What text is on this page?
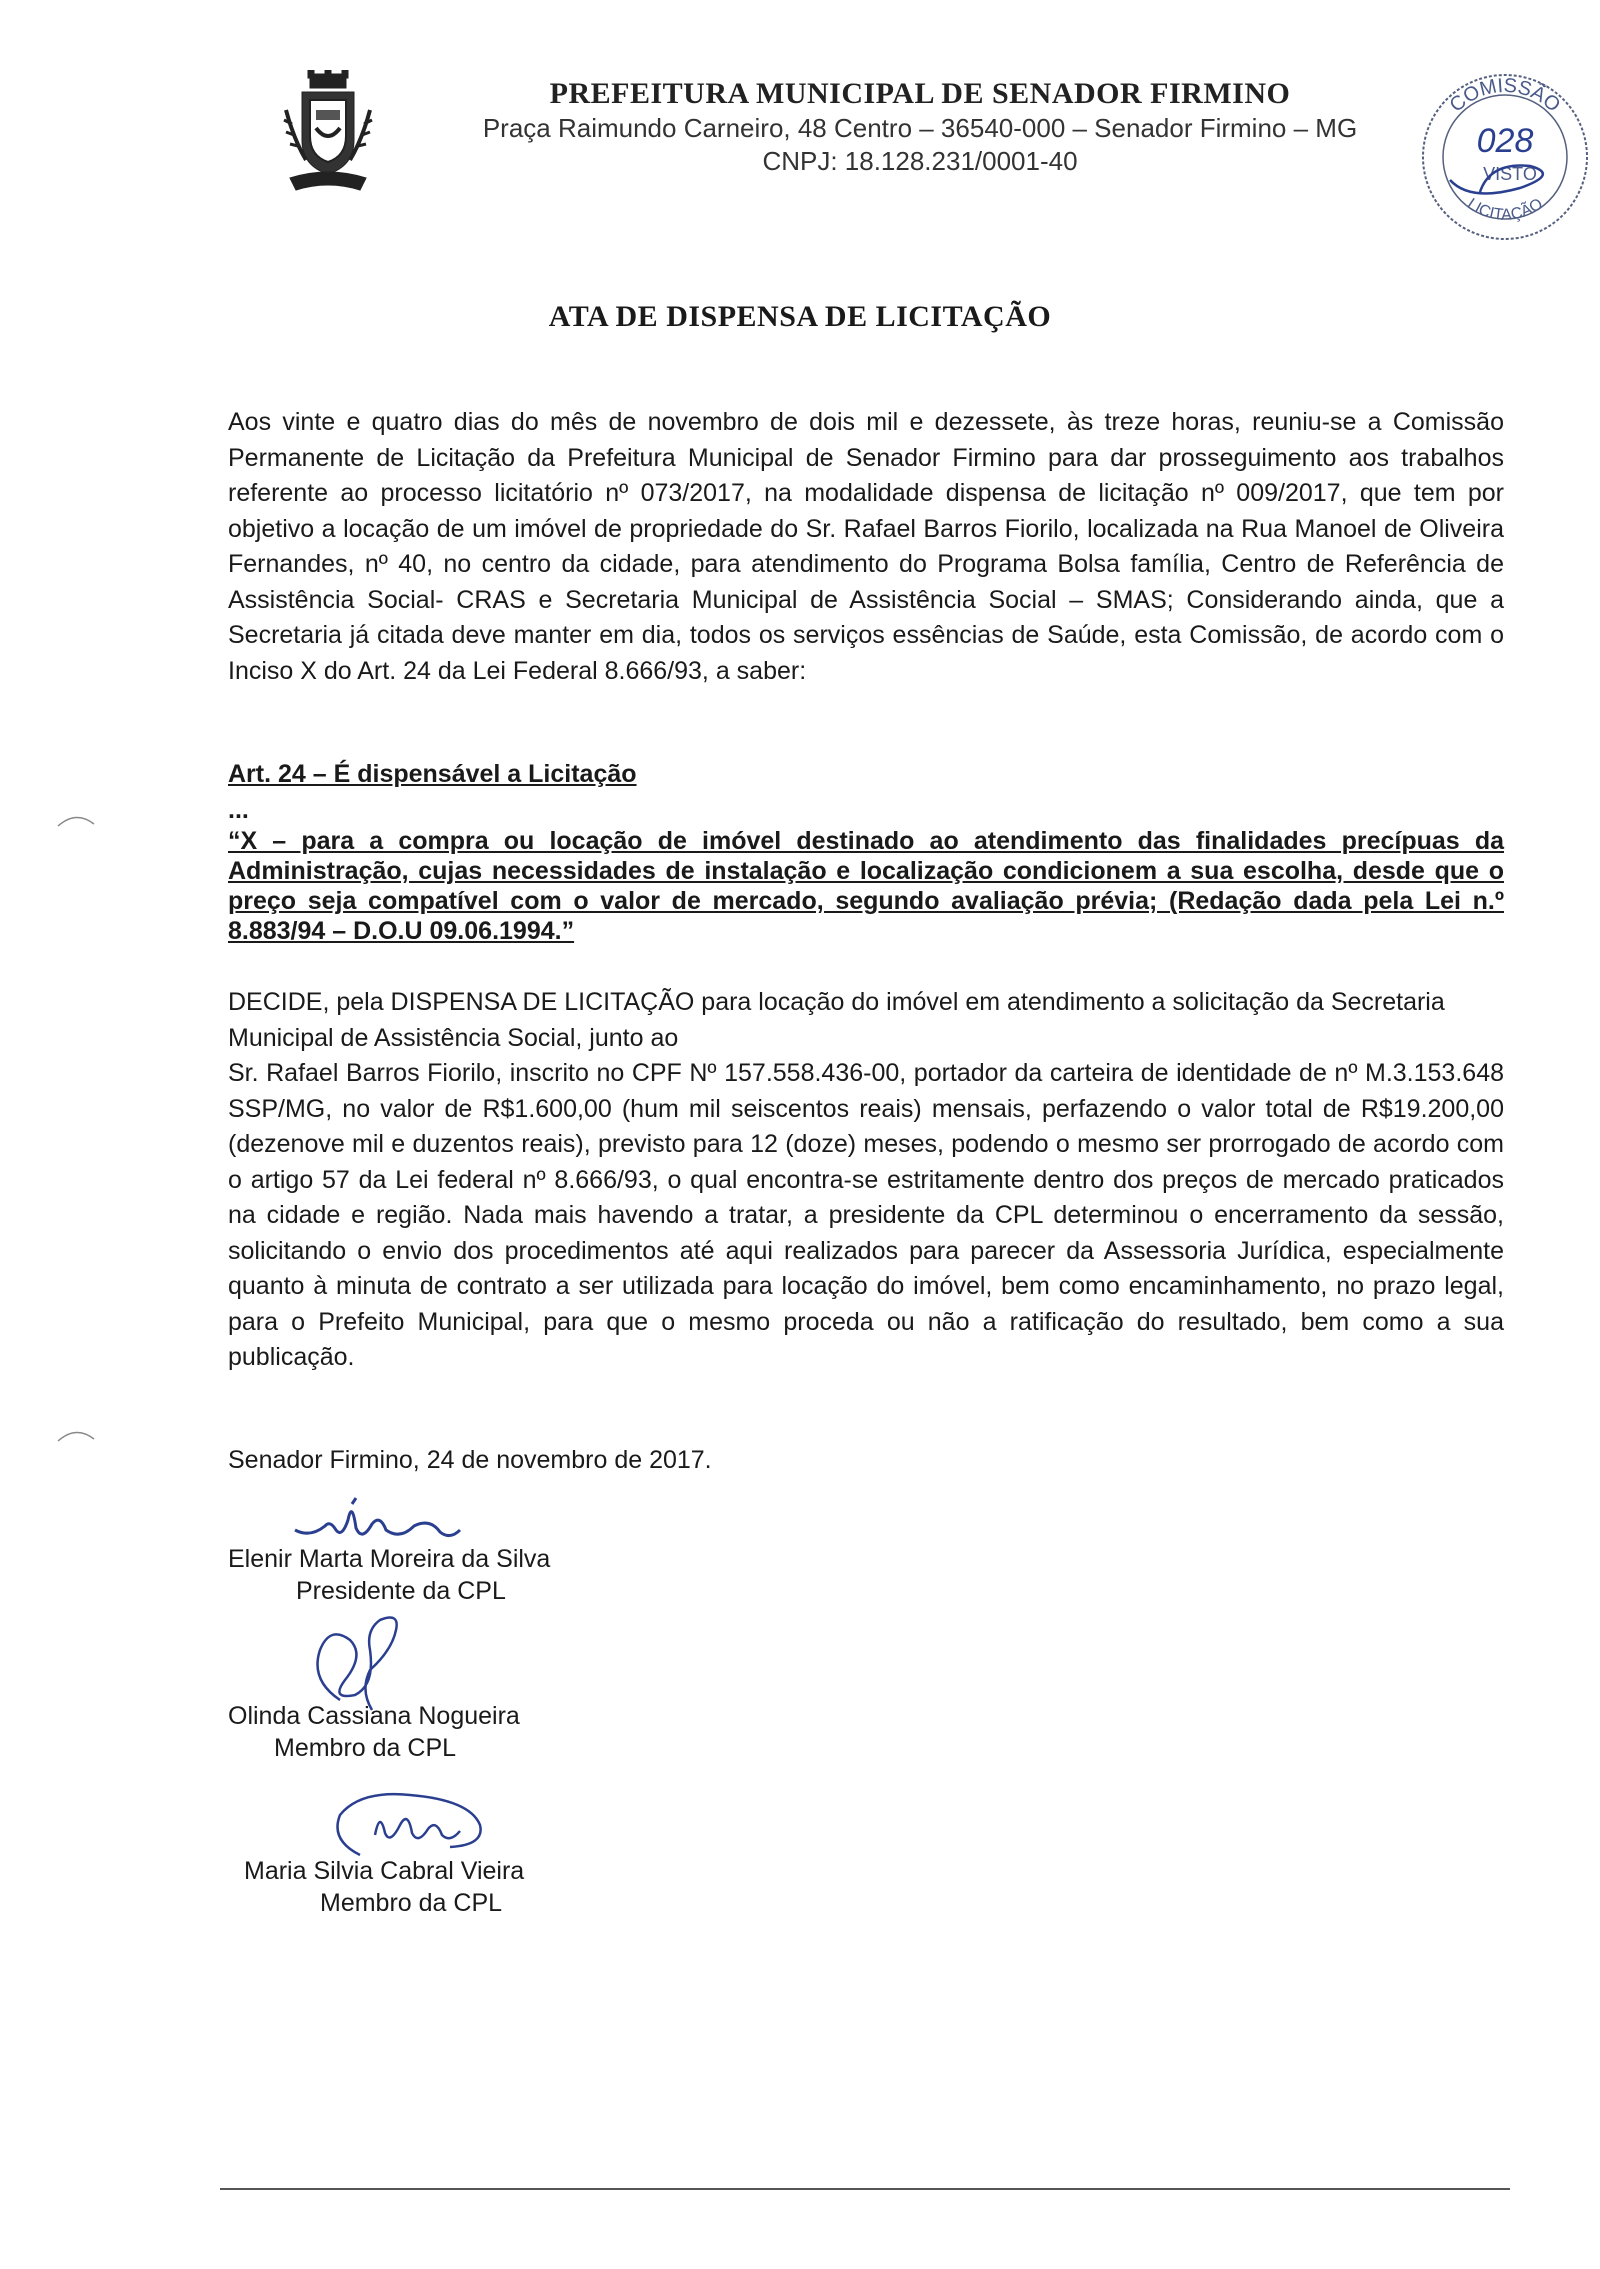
PREFEITURA MUNICIPAL DE SENADOR FIRMINO
Praça Raimundo Carneiro, 48 Centro – 36540-000 – Senador Firmino – MG
CNPJ: 18.128.231/0001-40
COMISSÃO
LICITAÇÃO
028
VISTO
ATA DE DISPENSA DE LICITAÇÃO
Aos vinte e quatro dias do mês de novembro de dois mil e dezessete, às treze horas, reuniu-se a Comissão Permanente de Licitação da Prefeitura Municipal de Senador Firmino para dar prosseguimento aos trabalhos referente ao processo licitatório nº 073/2017, na modalidade dispensa de licitação nº 009/2017, que tem por objetivo a locação de um imóvel de propriedade do Sr. Rafael Barros Fiorilo, localizada na Rua Manoel de Oliveira Fernandes, nº 40, no centro da cidade, para atendimento do Programa Bolsa família, Centro de Referência de Assistência Social- CRAS e Secretaria Municipal de Assistência Social – SMAS; Considerando ainda, que a Secretaria já citada deve manter em dia, todos os serviços essências de Saúde, esta Comissão, de acordo com o Inciso X do Art. 24 da Lei Federal 8.666/93, a saber:
Art. 24 – É dispensável a Licitação
...
“X – para a compra ou locação de imóvel destinado ao atendimento das finalidades precípuas da Administração, cujas necessidades de instalação e localização condicionem a sua escolha, desde que o preço seja compatível com o valor de mercado, segundo avaliação prévia; (Redação dada pela Lei n.º 8.883/94 – D.O.U 09.06.1994.”
DECIDE, pela DISPENSA DE LICITAÇÃO para locação do imóvel em atendimento a solicitação da Secretaria Municipal de Assistência Social, junto ao
Sr. Rafael Barros Fiorilo, inscrito no CPF Nº 157.558.436-00, portador da carteira de identidade de nº M.3.153.648 SSP/MG, no valor de R$1.600,00 (hum mil seiscentos reais) mensais, perfazendo o valor total de R$19.200,00 (dezenove mil e duzentos reais), previsto para 12 (doze) meses, podendo o mesmo ser prorrogado de acordo com o artigo 57 da Lei federal nº 8.666/93, o qual encontra-se estritamente dentro dos preços de mercado praticados na cidade e região. Nada mais havendo a tratar, a presidente da CPL determinou o encerramento da sessão, solicitando o envio dos procedimentos até aqui realizados para parecer da Assessoria Jurídica, especialmente quanto à minuta de contrato a ser utilizada para locação do imóvel, bem como encaminhamento, no prazo legal, para o Prefeito Municipal, para que o mesmo proceda ou não a ratificação do resultado, bem como a sua publicação.
Senador Firmino, 24 de novembro de 2017.
Elenir Marta Moreira da Silva
Presidente da CPL
Olinda Cassiana Nogueira
Membro da CPL
Maria Silvia Cabral Vieira
Membro da CPL
